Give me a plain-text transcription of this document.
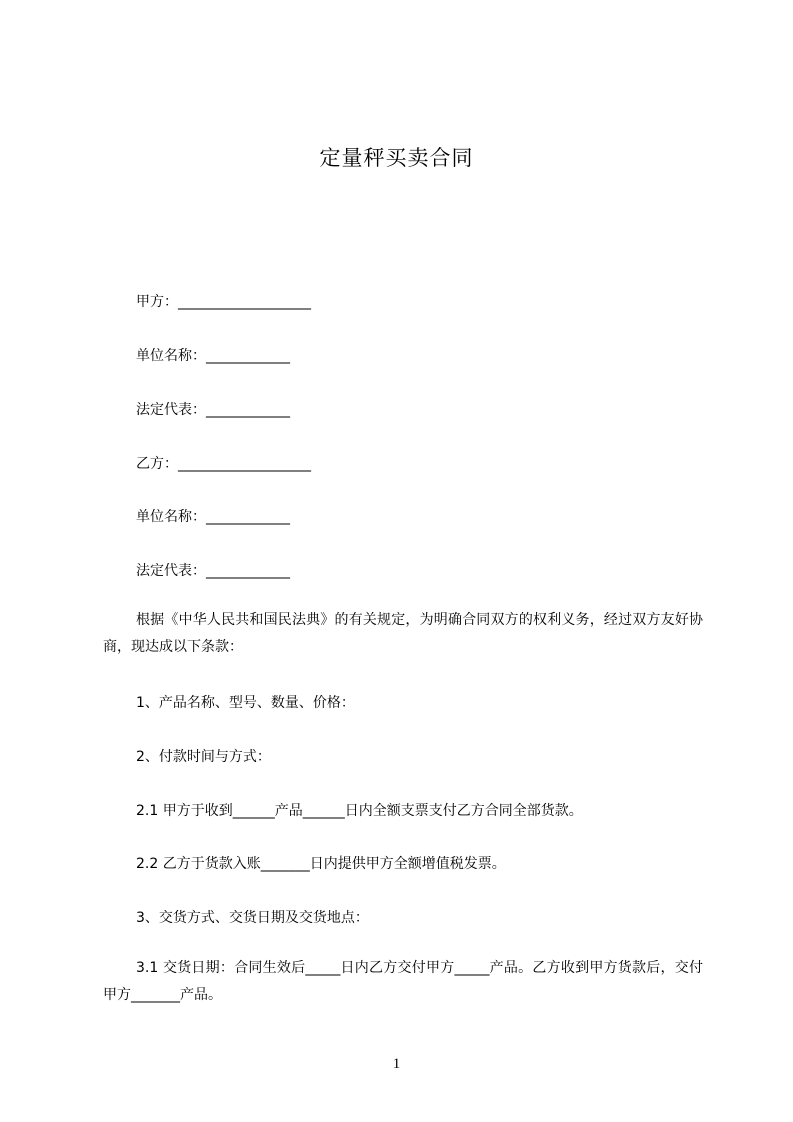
定量秤买卖合同
甲方：___________________
单位名称：____________
法定代表：____________
乙方：___________________
单位名称：____________
法定代表：____________
根据《中华人民共和国民法典》的有关规定，为明确合同双方的权利义务，经过双方友好协商，现达成以下条款：
1、产品名称、型号、数量、价格：
2、付款时间与方式：
2.1 甲方于收到______产品______日内全额支票支付乙方合同全部货款。
2.2 乙方于货款入账_______日内提供甲方全额增值税发票。
3、交货方式、交货日期及交货地点：
3.1 交货日期：合同生效后_____日内乙方交付甲方_____产品。乙方收到甲方货款后，交付甲方_______产品。
1
